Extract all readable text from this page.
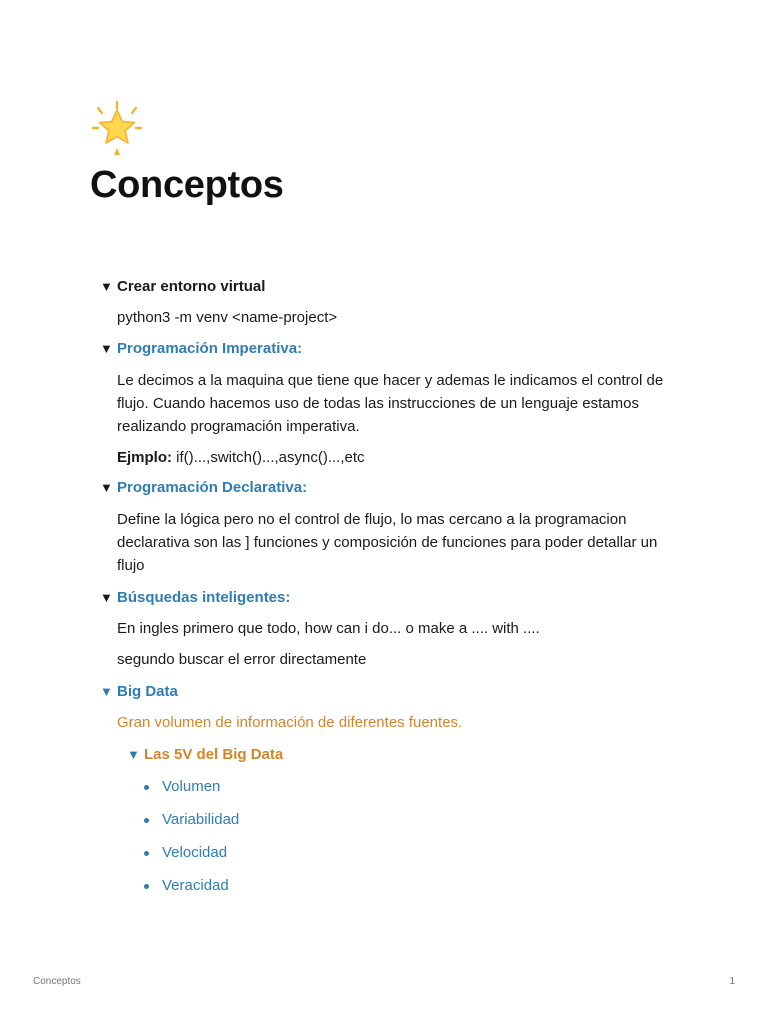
Conceptos
▼ Crear entorno virtual

python3 -m venv <name-project>

▼ Programación Imperativa:

Le decimos a la maquina que tiene que hacer y ademas le indicamos el control de flujo. Cuando hacemos uso de todas las instrucciones de un lenguaje estamos realizando programación imperativa.

Ejmplo: if()...,switch()...,async()...,etc

▼ Programación Declarativa:

Define la lógica pero no el control de flujo, lo mas cercano a la programacion declarativa son las ] funciones y composición de funciones para poder detallar un flujo

▼ Búsquedas inteligentes:

En ingles primero que todo, how can i do... o make a .... with ....

segundo buscar el error directamente

▼ Big Data

Gran volumen de información de diferentes fuentes.

▼ Las 5V del Big Data
Volumen
Variabilidad
Velocidad
Veracidad
Conceptos	1
